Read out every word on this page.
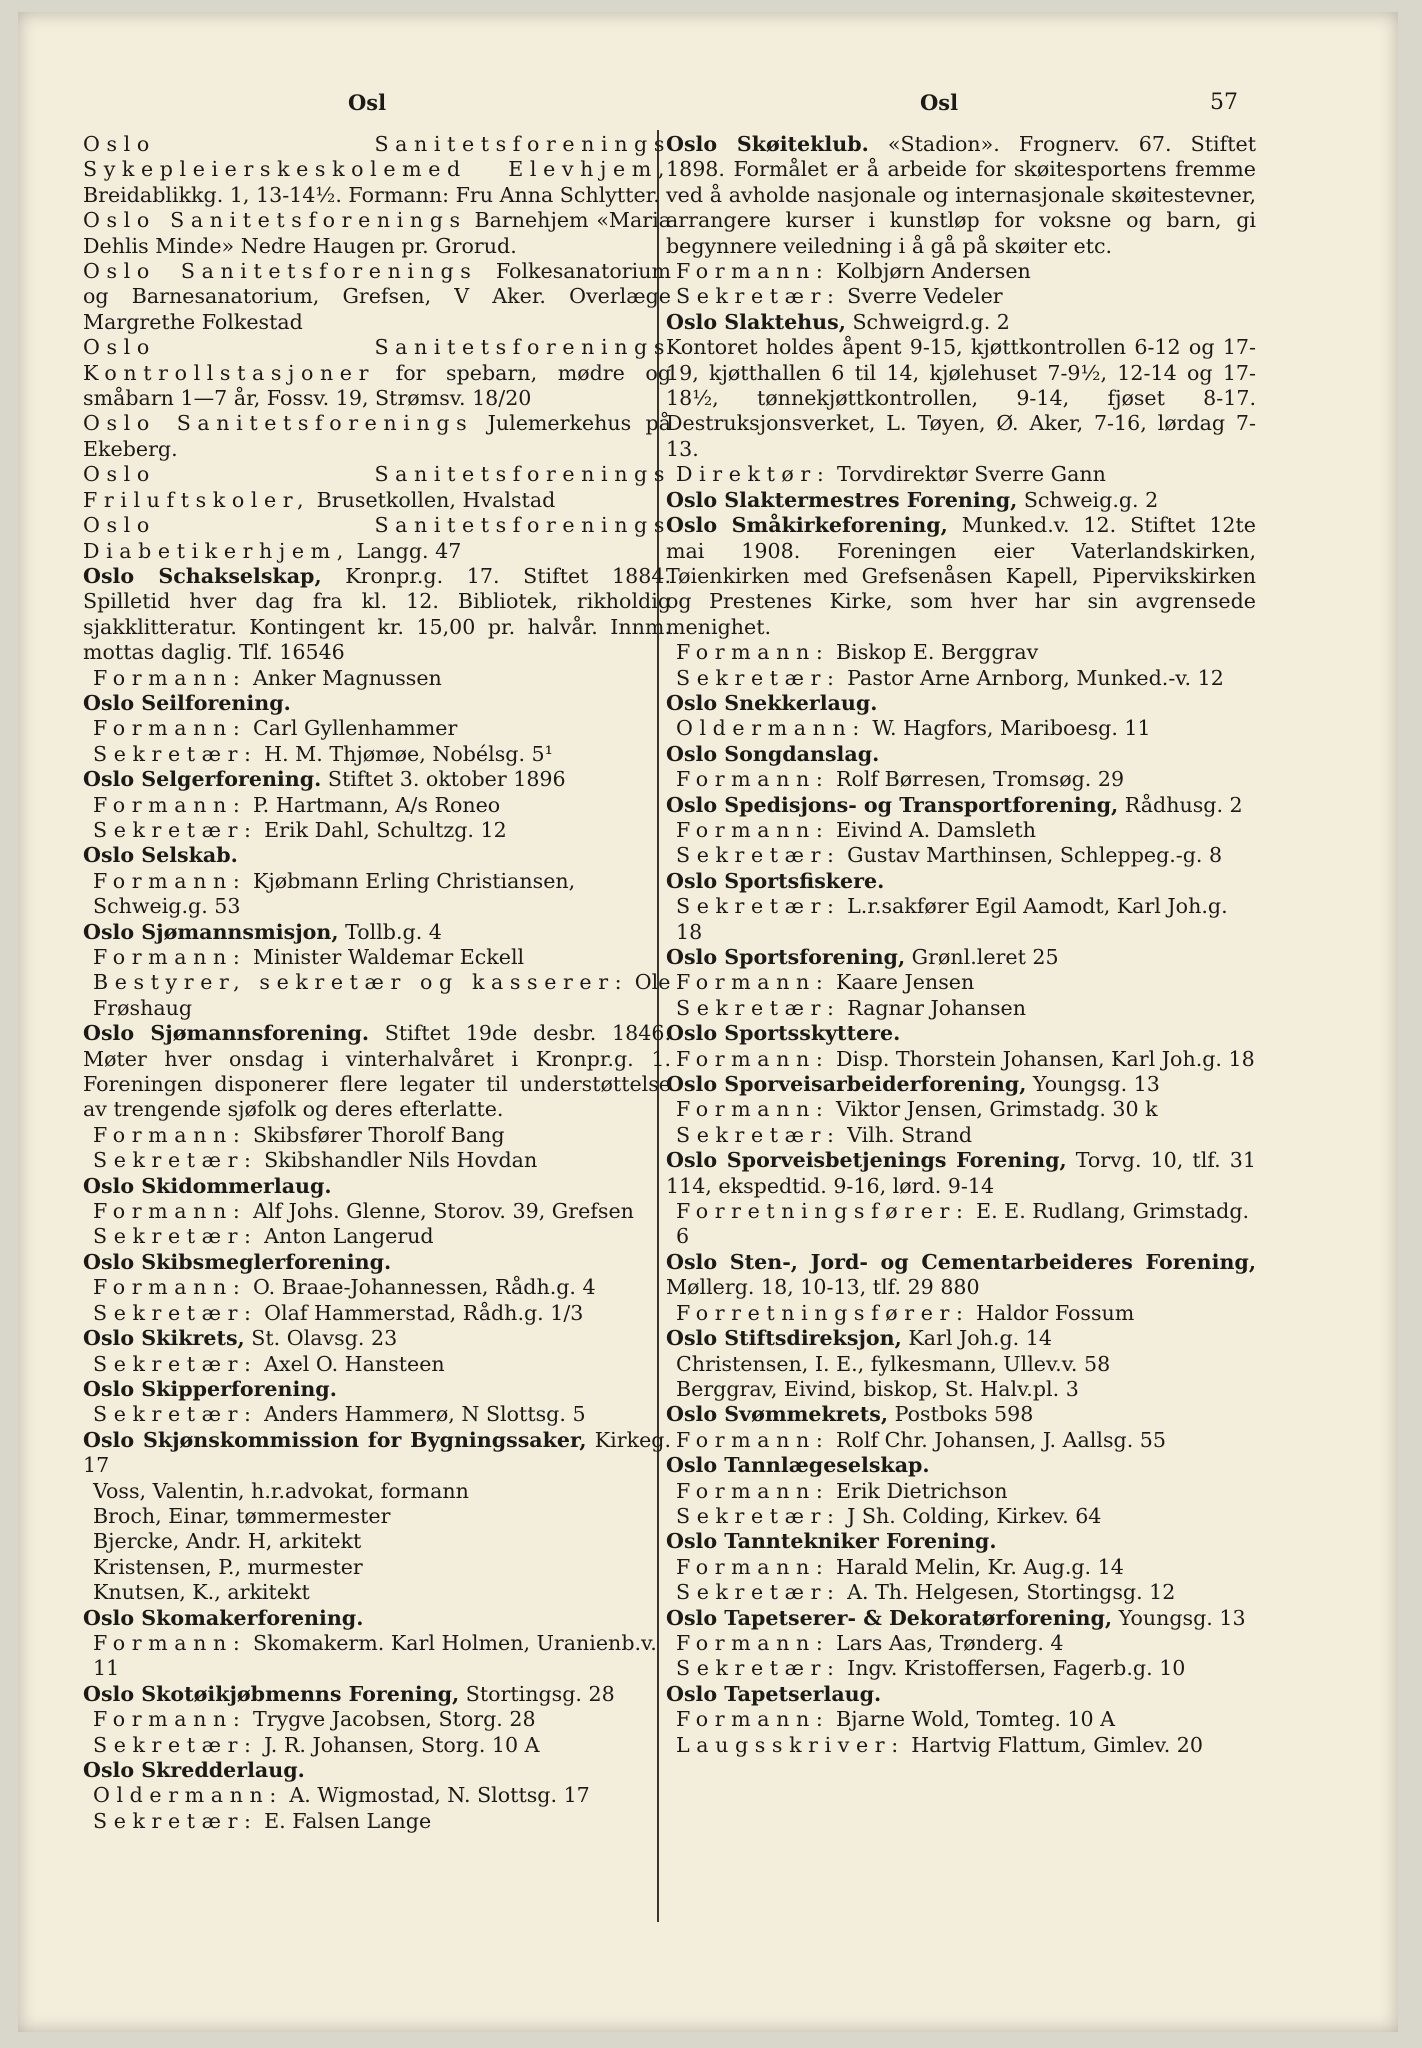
Osl	Osl	57

Oslo Sanitetsforenings Sykepleierskeskolemed Elevhjem, Breidablikkg. 1, 13-14½. Formann: Fru Anna Schlytter.

Oslo Sanitetsforenings Barnehjem «Maria Dehlis Minde» Nedre Haugen pr. Grorud.

Oslo Sanitetsforenings Folkesanatorium og Barnesanatorium, Grefsen, V Aker. Overlæge Margrethe Folkestad

Oslo Sanitetsforenings Kontrollstasjoner for spebarn, mødre og småbarn 1—7 år, Fossv. 19, Strømsv. 18/20

Oslo Sanitetsforenings Julemerkehus på Ekeberg.

Oslo Sanitetsforenings Friluftskoler, Brusetkollen, Hvalstad

Oslo Sanitetsforenings Diabetikerhjem, Langg. 47

Oslo Schakselskap, Kronpr.g. 17. Stiftet 1884. Spilletid hver dag fra kl. 12. Bibliotek, rikholdig sjakklitteratur. Kontingent kr. 15,00 pr. halvår. Innm. mottas daglig. Tlf. 16546

Formann: Anker Magnussen

Oslo Seilforening.

Formann: Carl Gyllenhammer

Sekretær: H. M. Thjømøe, Nobélsg. 5¹

Oslo Selgerforening. Stiftet 3. oktober 1896

Formann: P. Hartmann, A/s Roneo

Sekretær: Erik Dahl, Schultzg. 12

Oslo Selskab.

Formann: Kjøbmann Erling Christiansen, Schweig.g. 53

Oslo Sjømannsmisjon, Tollb.g. 4

Formann: Minister Waldemar Eckell

Bestyrer, sekretær og kasserer: Ole Frøshaug

Oslo Sjømannsforening. Stiftet 19de desbr. 1846. Møter hver onsdag i vinterhalvåret i Kronpr.g. 1. Foreningen disponerer flere legater til understøttelse av trengende sjøfolk og deres efterlatte.

Formann: Skibsfører Thorolf Bang

Sekretær: Skibshandler Nils Hovdan

Oslo Skidommerlaug.

Formann: Alf Johs. Glenne, Storov. 39, Grefsen

Sekretær: Anton Langerud

Oslo Skibsmeglerforening.

Formann: O. Braae-Johannessen, Rådh.g. 4

Sekretær: Olaf Hammerstad, Rådh.g. 1/3

Oslo Skikrets, St. Olavsg. 23

Sekretær: Axel O. Hansteen

Oslo Skipperforening.

Sekretær: Anders Hammerø, N Slottsg. 5

Oslo Skjønskommission for Bygningssaker, Kirkeg. 17

Voss, Valentin, h.r.advokat, formann

Broch, Einar, tømmermester

Bjercke, Andr. H, arkitekt

Kristensen, P., murmester

Knutsen, K., arkitekt

Oslo Skomakerforening.

Formann: Skomakerm. Karl Holmen, Uranienb.v. 11

Oslo Skotøikjøbmenns Forening, Stortingsg. 28

Formann: Trygve Jacobsen, Storg. 28

Sekretær: J. R. Johansen, Storg. 10 A

Oslo Skredderlaug.

Oldermann: A. Wigmostad, N. Slottsg. 17

Sekretær: E. Falsen Lange

Oslo Skøiteklub. «Stadion». Frognerv. 67. Stiftet 1898. Formålet er å arbeide for skøitesportens fremme ved å avholde nasjonale og internasjonale skøitestevner, arrangere kurser i kunstløp for voksne og barn, gi begynnere veiledning i å gå på skøiter etc.

Formann: Kolbjørn Andersen

Sekretær: Sverre Vedeler

Oslo Slaktehus, Schweigrd.g. 2

Kontoret holdes åpent 9-15, kjøttkontrollen 6-12 og 17-19, kjøtthallen 6 til 14, kjølehuset 7-9½, 12-14 og 17-18½, tønnekjøttkontrollen, 9-14, fjøset 8-17. Destruksjonsverket, L. Tøyen, Ø. Aker, 7-16, lørdag 7-13.

Direktør: Torvdirektør Sverre Gann

Oslo Slaktermestres Forening, Schweig.g. 2

Oslo Småkirkeforening, Munked.v. 12. Stiftet 12te mai 1908. Foreningen eier Vaterlandskirken, Tøienkirken med Grefsenåsen Kapell, Pipervikskirken og Prestenes Kirke, som hver har sin avgrensede menighet.

Formann: Biskop E. Berggrav

Sekretær: Pastor Arne Arnborg, Munked.-v. 12

Oslo Snekkerlaug.

Oldermann: W. Hagfors, Mariboesg. 11

Oslo Songdanslag.

Formann: Rolf Børresen, Tromsøg. 29

Oslo Spedisjons- og Transportforening, Rådhusg. 2

Formann: Eivind A. Damsleth

Sekretær: Gustav Marthinsen, Schleppeg.-g. 8

Oslo Sportsfiskere.

Sekretær: L.r.sakfører Egil Aamodt, Karl Joh.g. 18

Oslo Sportsforening, Grønl.leret 25

Formann: Kaare Jensen

Sekretær: Ragnar Johansen

Oslo Sportsskyttere.

Formann: Disp. Thorstein Johansen, Karl Joh.g. 18

Oslo Sporveisarbeiderforening, Youngsg. 13

Formann: Viktor Jensen, Grimstadg. 30 k

Sekretær: Vilh. Strand

Oslo Sporveisbetjenings Forening, Torvg. 10, tlf. 31 114, ekspedtid. 9-16, lørd. 9-14

Forretningsfører: E. E. Rudlang, Grimstadg. 6

Oslo Sten-, Jord- og Cementarbeideres Forening, Møllerg. 18, 10-13, tlf. 29 880

Forretningsfører: Haldor Fossum

Oslo Stiftsdireksjon, Karl Joh.g. 14

Christensen, I. E., fylkesmann, Ullev.v. 58

Berggrav, Eivind, biskop, St. Halv.pl. 3

Oslo Svømmekrets, Postboks 598

Formann: Rolf Chr. Johansen, J. Aallsg. 55

Oslo Tannlægeselskap.

Formann: Erik Dietrichson

Sekretær: J Sh. Colding, Kirkev. 64

Oslo Tanntekniker Forening.

Formann: Harald Melin, Kr. Aug.g. 14

Sekretær: A. Th. Helgesen, Stortingsg. 12

Oslo Tapetserer- & Dekoratørforening, Youngsg. 13

Formann: Lars Aas, Trønderg. 4

Sekretær: Ingv. Kristoffersen, Fagerb.g. 10

Oslo Tapetserlaug.

Formann: Bjarne Wold, Tomteg. 10 A

Laugsskriver: Hartvig Flattum, Gimlev. 20
